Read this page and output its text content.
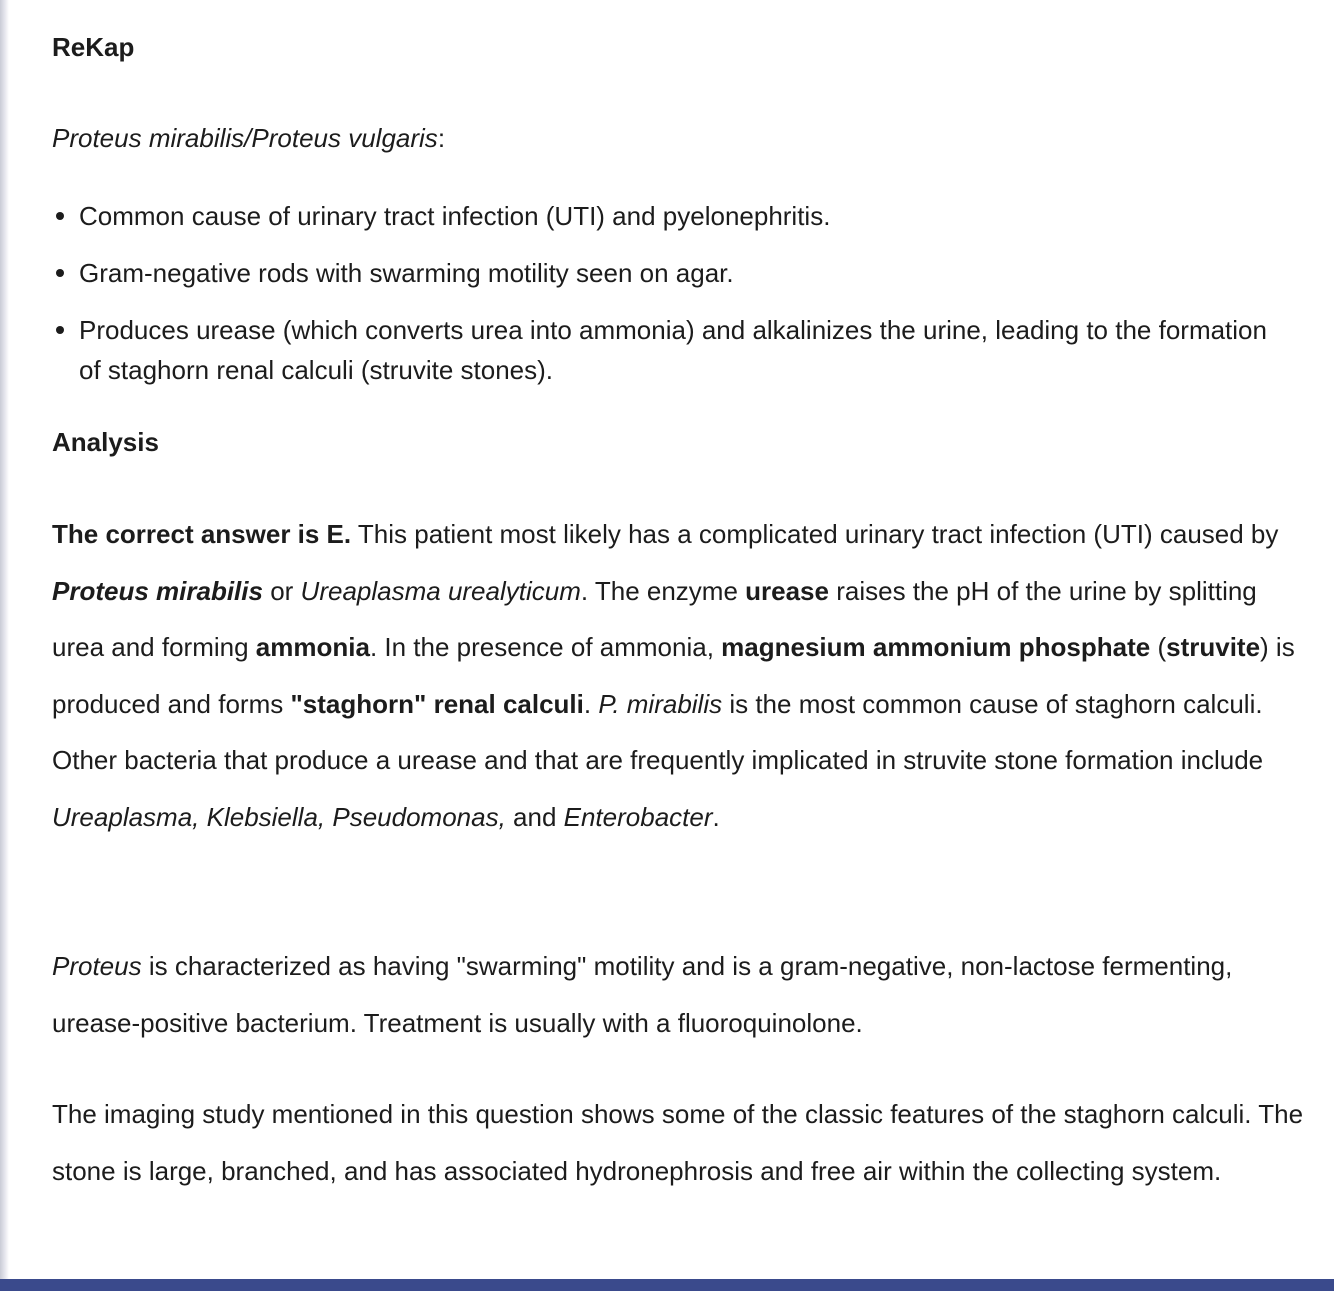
ReKap

Proteus mirabilis/Proteus vulgaris:

Common cause of urinary tract infection (UTI) and pyelonephritis.
Gram-negative rods with swarming motility seen on agar.
Produces urease (which converts urea into ammonia) and alkalinizes the urine, leading to the formation of staghorn renal calculi (struvite stones).
Analysis

The correct answer is E. This patient most likely has a complicated urinary tract infection (UTI) caused by Proteus mirabilis or Ureaplasma urealyticum. The enzyme urease raises the pH of the urine by splitting urea and forming ammonia. In the presence of ammonia, magnesium ammonium phosphate (struvite) is produced and forms "staghorn" renal calculi. P. mirabilis is the most common cause of staghorn calculi. Other bacteria that produce a urease and that are frequently implicated in struvite stone formation include Ureaplasma, Klebsiella, Pseudomonas, and Enterobacter.

Proteus is characterized as having "swarming" motility and is a gram-negative, non-lactose fermenting, urease-positive bacterium. Treatment is usually with a fluoroquinolone.

The imaging study mentioned in this question shows some of the classic features of the staghorn calculi. The stone is large, branched, and has associated hydronephrosis and free air within the collecting system.
